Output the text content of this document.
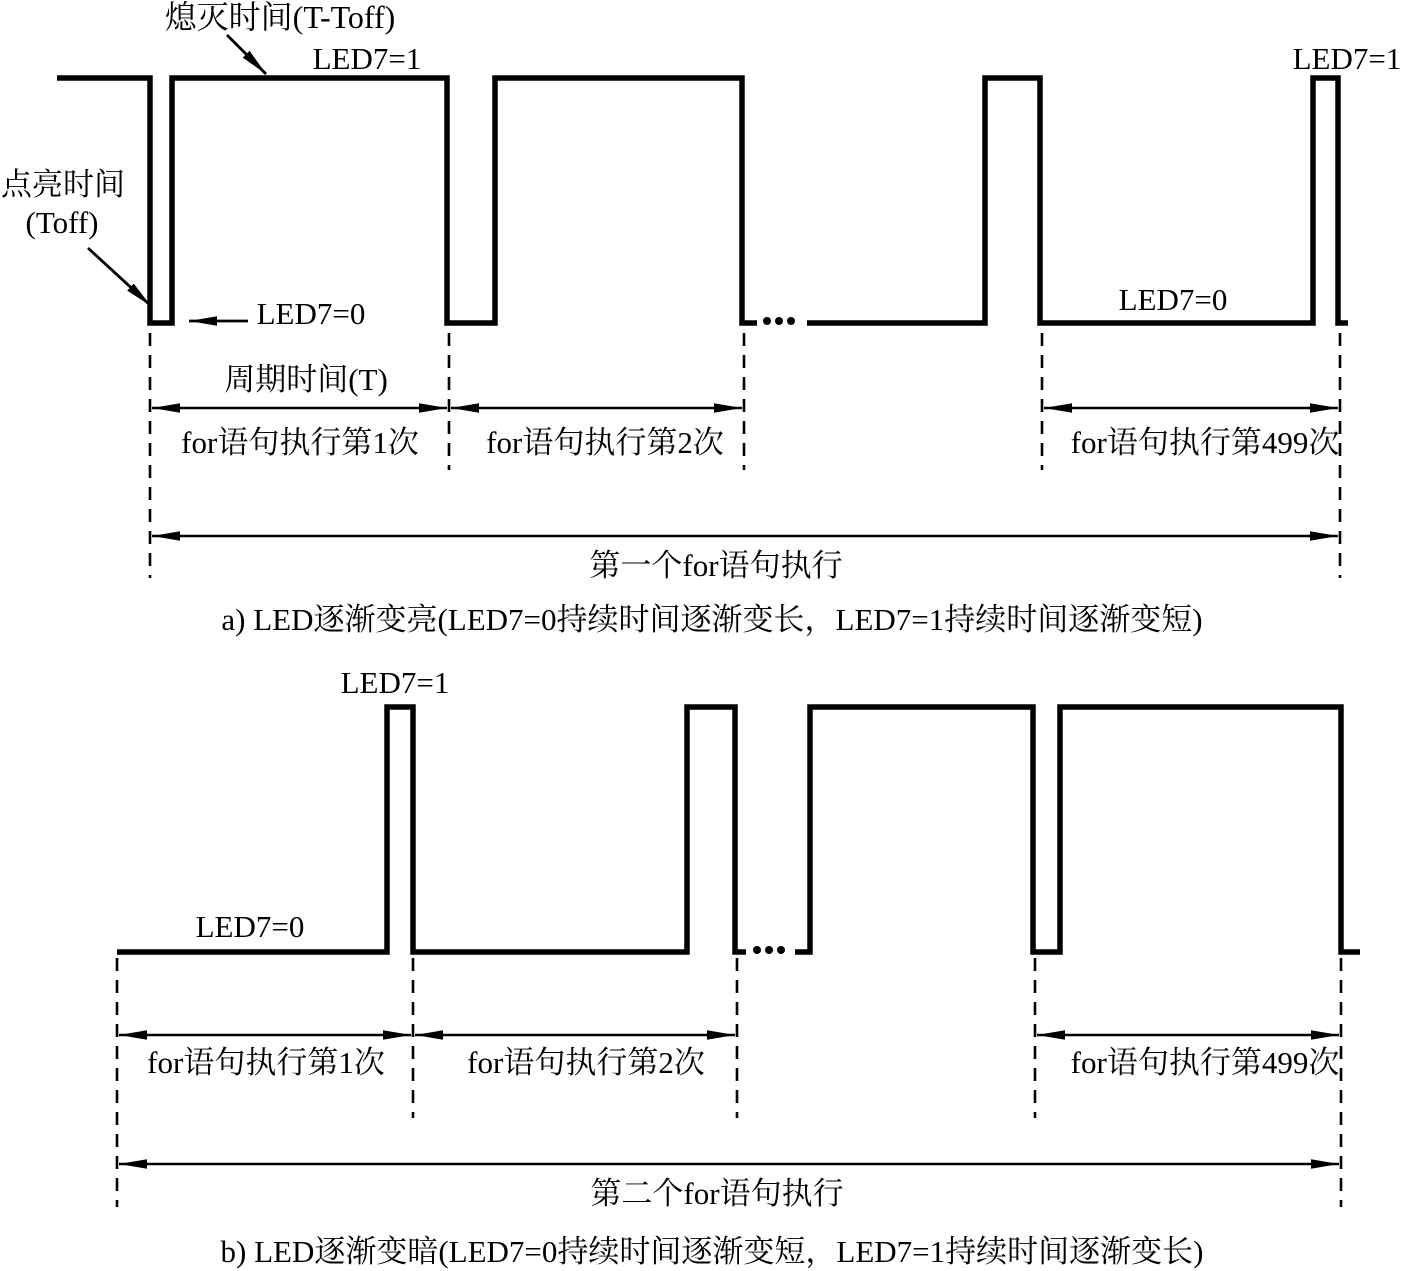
熄灭时间(T-Toff)
LED7=1
点亮时间
(Toff)
LED7=0
周期时间(T)
for语句执行第1次 for语句执行第2次	for语句执行第499次
LED7=0
LED7=1
第一个for语句执行
a) LED逐渐变亮(LED7=0持续时间逐渐变长，LED7=1持续时间逐渐变短)
LED7=1
LED7=0
for语句执行第1次	for语句执行第2次	for语句执行第499次
第二个for语句执行
b) LED逐渐变暗(LED7=0持续时间逐渐变短，LED7=1持续时间逐渐变长)
